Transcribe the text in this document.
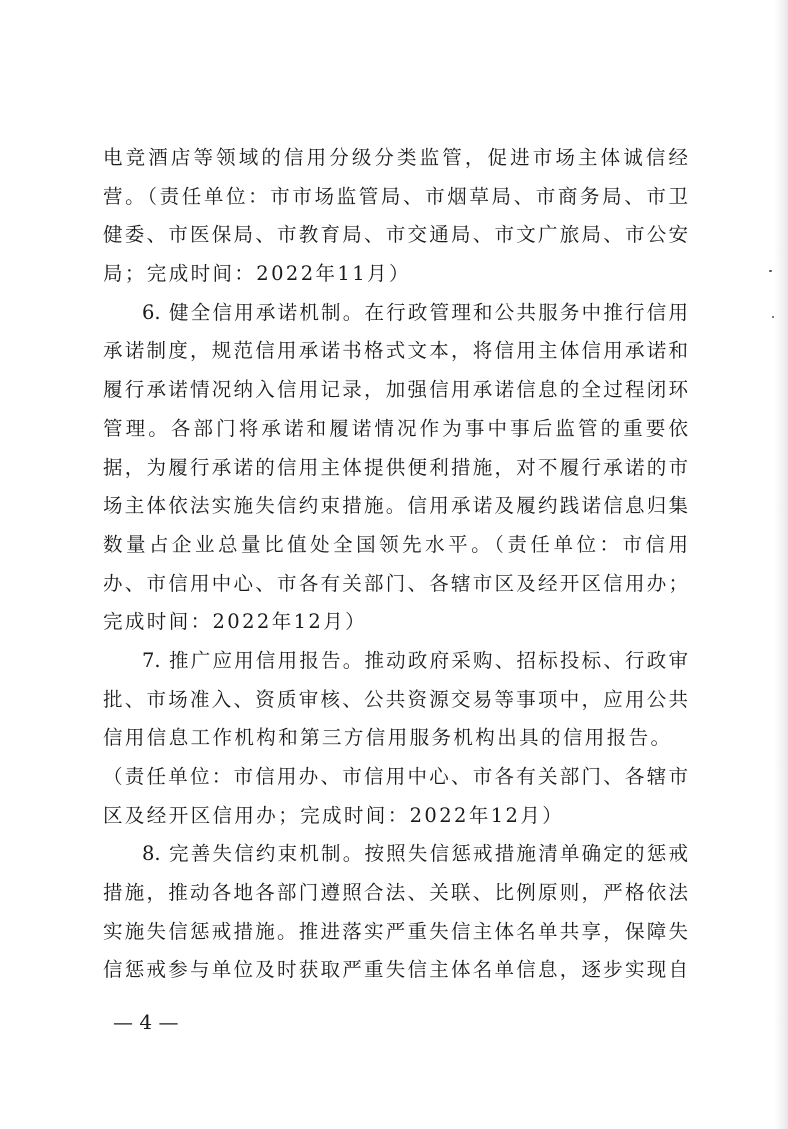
电竞酒店等领域的信用分级分类监管，促进市场主体诚信经
营。（责任单位：市市场监管局、市烟草局、市商务局、市卫
健委、市医保局、市教育局、市交通局、市文广旅局、市公安
局；完成时间：2022年11月）
6. 健全信用承诺机制。在行政管理和公共服务中推行信用
承诺制度，规范信用承诺书格式文本，将信用主体信用承诺和
履行承诺情况纳入信用记录，加强信用承诺信息的全过程闭环
管理。各部门将承诺和履诺情况作为事中事后监管的重要依
据，为履行承诺的信用主体提供便利措施，对不履行承诺的市
场主体依法实施失信约束措施。信用承诺及履约践诺信息归集
数量占企业总量比值处全国领先水平。（责任单位：市信用
办、市信用中心、市各有关部门、各辖市区及经开区信用办；
完成时间：2022年12月）
7. 推广应用信用报告。推动政府采购、招标投标、行政审
批、市场准入、资质审核、公共资源交易等事项中，应用公共
信用信息工作机构和第三方信用服务机构出具的信用报告。
（责任单位：市信用办、市信用中心、市各有关部门、各辖市
区及经开区信用办；完成时间：2022年12月）
8. 完善失信约束机制。按照失信惩戒措施清单确定的惩戒
措施，推动各地各部门遵照合法、关联、比例原则，严格依法
实施失信惩戒措施。推进落实严重失信主体名单共享，保障失
信惩戒参与单位及时获取严重失信主体名单信息，逐步实现自
— 4 —
